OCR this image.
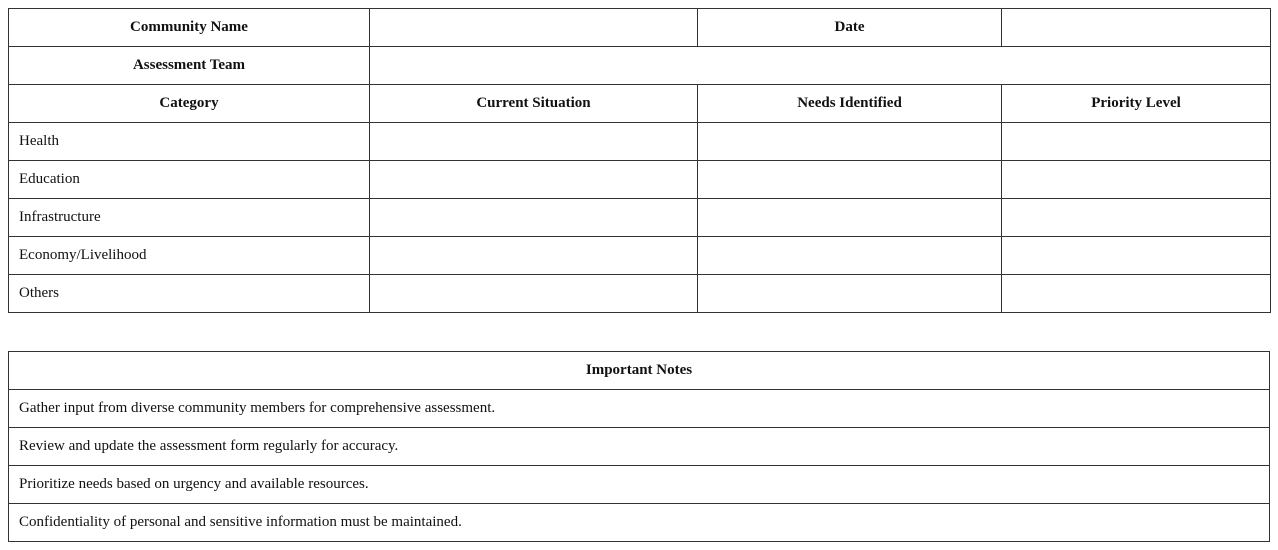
Community Name		Date	
Assessment Team			
Category	Current Situation	Needs Identified	Priority Level
Health			
Education			
Infrastructure			
Economy/Livelihood			
Others			
Important Notes
Gather input from diverse community members for comprehensive assessment.
Review and update the assessment form regularly for accuracy.
Prioritize needs based on urgency and available resources.
Confidentiality of personal and sensitive information must be maintained.
